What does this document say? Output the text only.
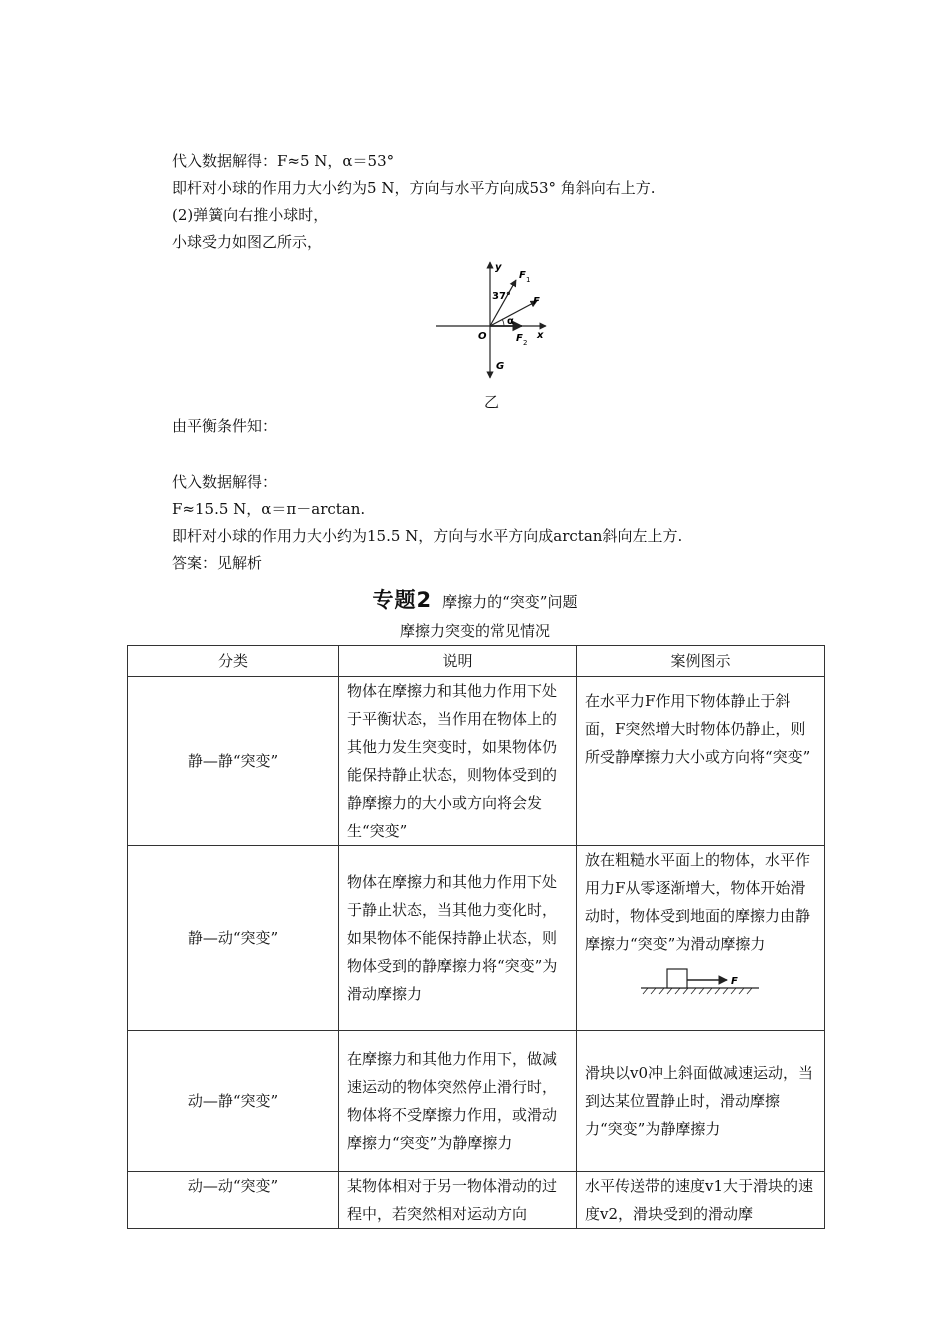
代入数据解得：F≈5 N，α＝53°
即杆对小球的作用力大小约为5 N，方向与水平方向成53° 角斜向右上方.
(2)弹簧向右推小球时，
小球受力如图乙所示，
y
F 1
37° F
α
O	F 2
x
G
乙
由平衡条件知：
代入数据解得：
F≈15.5 N，α＝π－arctan.
即杆对小球的作用力大小约为15.5 N，方向与水平方向成arctan斜向左上方.
答案：见解析
专题2 摩擦力的“突变”问题
摩擦力突变的常见情况
分类	说明	案例图示
静—静“突变”	物体在摩擦力和其他力作用下处于平衡状态，当作用在物体上的其他力发生突变时，如果物体仍能保持静止状态，则物体受到的静摩擦力的大小或方向将会发生“突变”	在水平力F作用下物体静止于斜面，F突然增大时物体仍静止，则所受静摩擦力大小或方向将“突变”
静—动“突变”	物体在摩擦力和其他力作用下处于静止状态，当其他力变化时，如果物体不能保持静止状态，则物体受到的静摩擦力将“突变”为滑动摩擦力	放在粗糙水平面上的物体，水平作用力F从零逐渐增大，物体开始滑动时，物体受到地面的摩擦力由静摩擦力“突变”为滑动摩擦力
F

动—静“突变”	在摩擦力和其他力作用下，做减速运动的物体突然停止滑行时，物体将不受摩擦力作用，或滑动摩擦力“突变”为静摩擦力	滑块以v0冲上斜面做减速运动，当到达某位置静止时，滑动摩擦力“突变”为静摩擦力
动—动“突变”	某物体相对于另一物体滑动的过程中，若突然相对运动方向	水平传送带的速度v1大于滑块的速度v2，滑块受到的滑动摩
